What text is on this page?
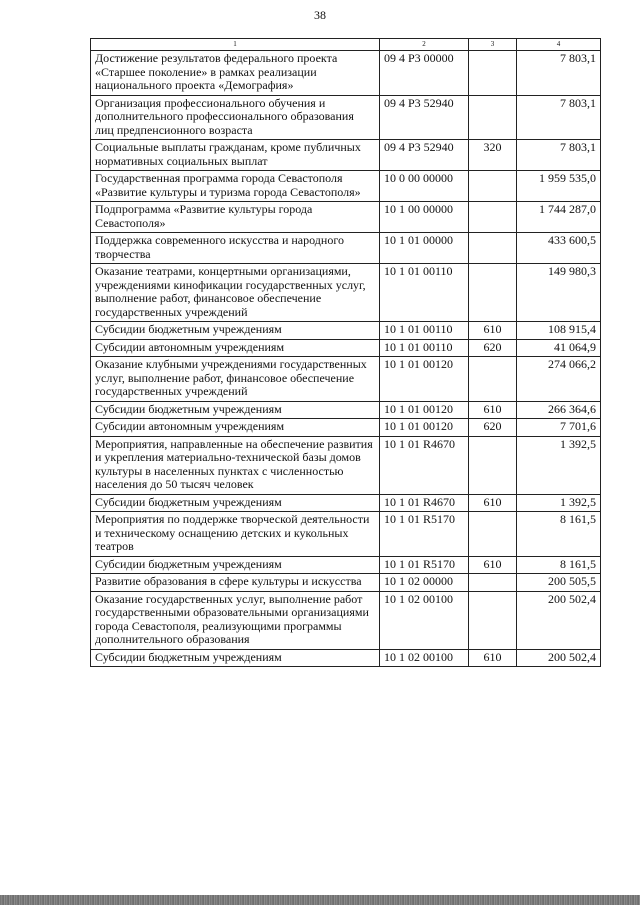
38
1	2	3	4
Достижение результатов федерального проекта «Старшее поколение» в рамках реализации национального проекта «Демография»	09 4 P3 00000		7 803,1
Организация профессионального обучения и дополнительного профессионального образования лиц предпенсионного возраста	09 4 P3 52940		7 803,1
Социальные выплаты гражданам, кроме публичных нормативных социальных выплат	09 4 P3 52940	320	7 803,1
Государственная программа города Севастополя «Развитие культуры и туризма города Севастополя»	10 0 00 00000		1 959 535,0
Подпрограмма «Развитие культуры города Севастополя»	10 1 00 00000		1 744 287,0
Поддержка современного искусства и народного творчества	10 1 01 00000		433 600,5
Оказание театрами, концертными организациями, учреждениями кинофикации государственных услуг, выполнение работ, финансовое обеспечение государственных учреждений	10 1 01 00110		149 980,3
Субсидии бюджетным учреждениям	10 1 01 00110	610	108 915,4
Субсидии автономным учреждениям	10 1 01 00110	620	41 064,9
Оказание клубными учреждениями государственных услуг, выполнение работ, финансовое обеспечение государственных учреждений	10 1 01 00120		274 066,2
Субсидии бюджетным учреждениям	10 1 01 00120	610	266 364,6
Субсидии автономным учреждениям	10 1 01 00120	620	7 701,6
Мероприятия, направленные на обеспечение развития и укрепления материально-технической базы домов культуры в населенных пунктах с численностью населения до 50 тысяч человек	10 1 01 R4670		1 392,5
Субсидии бюджетным учреждениям	10 1 01 R4670	610	1 392,5
Мероприятия по поддержке творческой деятельности и техническому оснащению детских и кукольных театров	10 1 01 R5170		8 161,5
Субсидии бюджетным учреждениям	10 1 01 R5170	610	8 161,5
Развитие образования в сфере культуры и искусства	10 1 02 00000		200 505,5
Оказание государственных услуг, выполнение работ государственными образовательными организациями города Севастополя, реализующими программы дополнительного образования	10 1 02 00100		200 502,4
Субсидии бюджетным учреждениям	10 1 02 00100	610	200 502,4
